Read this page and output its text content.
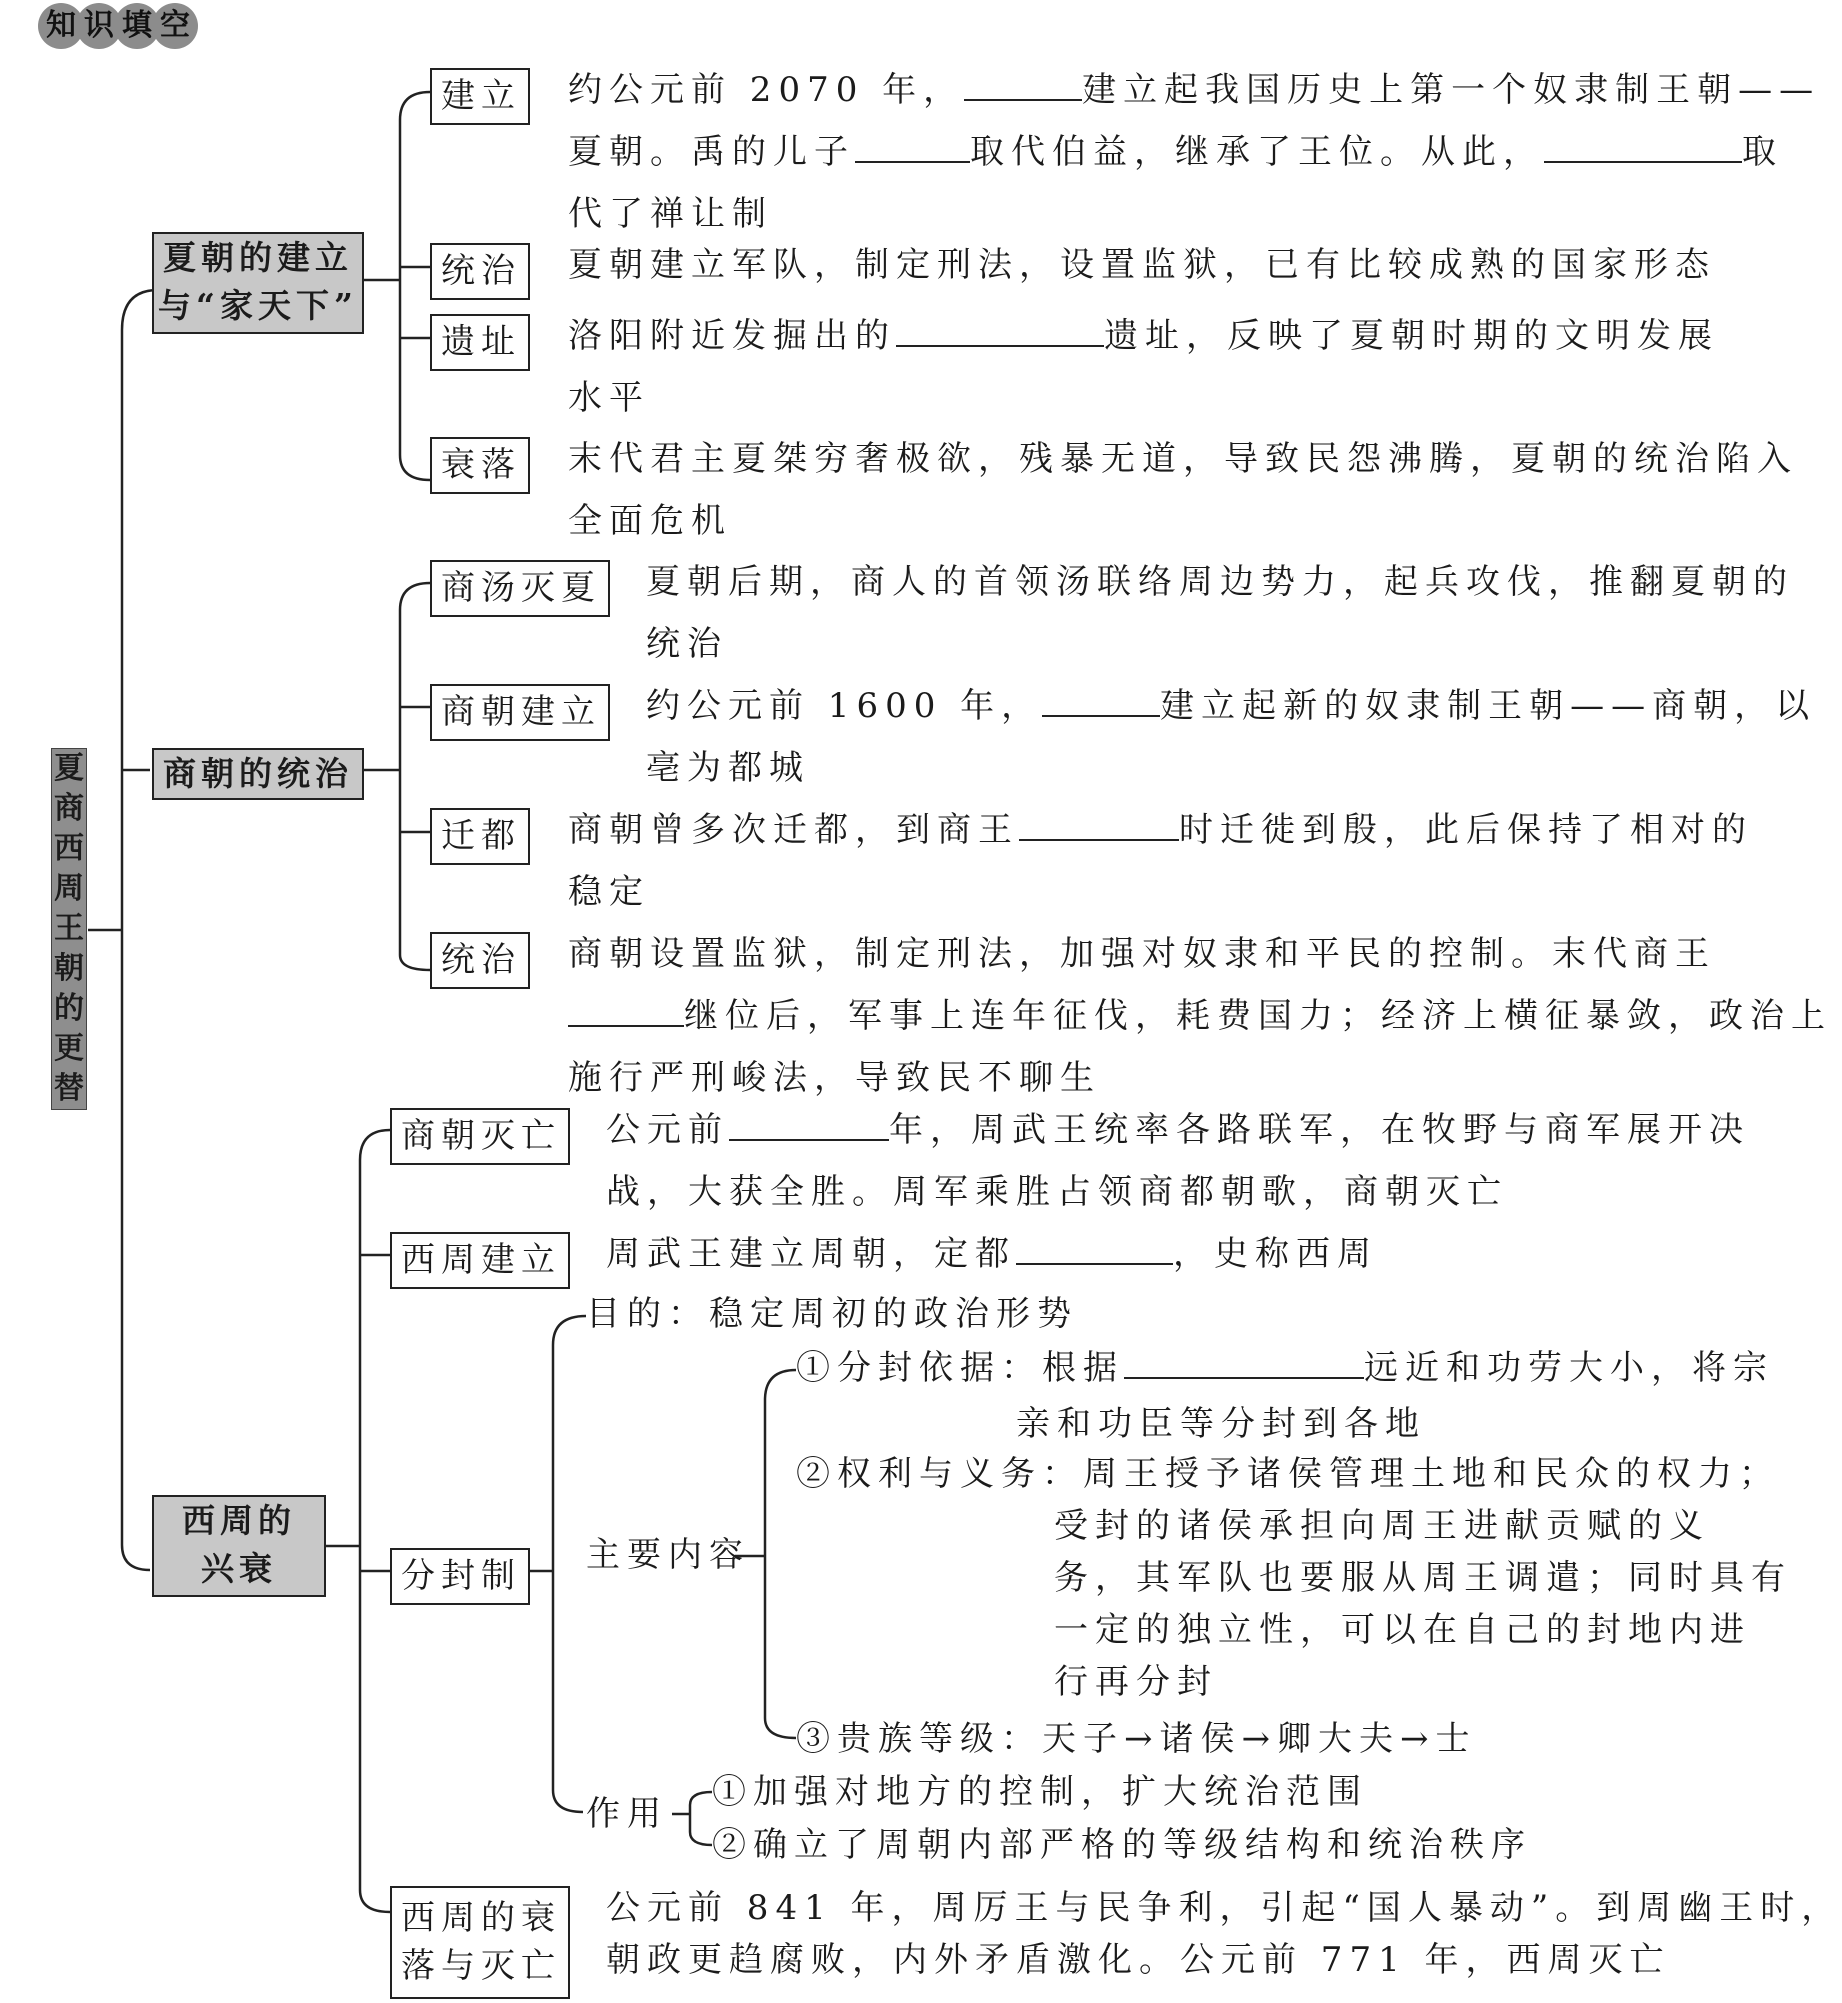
知 识 填 空
夏
商
西
周
王
朝
的
更
替
夏朝的建立
与“家天下”
建立 约公元前 2070 年，	建立起我国历史上第一个奴隶制王朝——
夏朝。禹的儿子	取代伯益，继承了王位。从此，	取
代了禅让制
统治 夏朝建立军队，制定刑法，设置监狱，已有比较成熟的国家形态
遗址 洛阳附近发掘出的	遗址，反映了夏朝时期的文明发展
水平
衰落 末代君主夏桀穷奢极欲，残暴无道，导致民怨沸腾，夏朝的统治陷入
全面危机
商朝的统治
商汤灭夏 夏朝后期，商人的首领汤联络周边势力，起兵攻伐，推翻夏朝的
统治
商朝建立 约公元前 1600 年，	建立起新的奴隶制王朝——商朝，以
亳为都城
迁都 商朝曾多次迁都，到商王	时迁徙到殷，此后保持了相对的
稳定
统治 商朝设置监狱，制定刑法，加强对奴隶和平民的控制。末代商王
继位后，军事上连年征伐，耗费国力；经济上横征暴敛，政治上
施行严刑峻法，导致民不聊生
西周的
兴衰
商朝灭亡 公元前	年，周武王统率各路联军，在牧野与商军展开决
战，大获全胜。周军乘胜占领商都朝歌，商朝灭亡
西周建立 周武王建立周朝，定都	，史称西周
分封制
目的：稳定周初的政治形势
主要内容
①分封依据：根据	远近和功劳大小，将宗
亲和功臣等分封到各地
②权利与义务：周王授予诸侯管理土地和民众的权力；
受封的诸侯承担向周王进献贡赋的义
务，其军队也要服从周王调遣；同时具有
一定的独立性，可以在自己的封地内进
行再分封
③贵族等级：天子→诸侯→卿大夫→士
作用
①加强对地方的控制，扩大统治范围
②确立了周朝内部严格的等级结构和统治秩序
西周的衰
落与灭亡
公元前 841 年，周厉王与民争利，引起“国人暴动”。到周幽王时，
朝政更趋腐败，内外矛盾激化。公元前 771 年，西周灭亡
